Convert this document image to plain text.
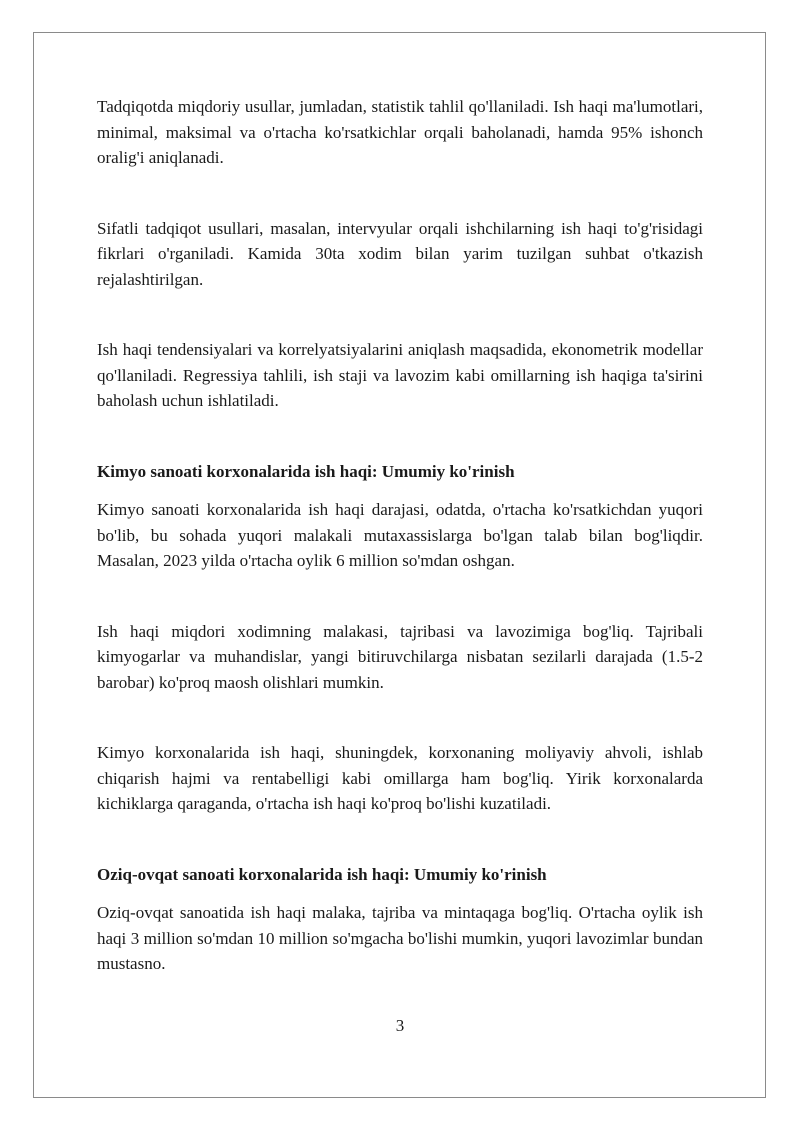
Tadqiqotda miqdoriy usullar, jumladan, statistik tahlil qo'llaniladi. Ish haqi ma'lumotlari, minimal, maksimal va o'rtacha ko'rsatkichlar orqali baholanadi, hamda 95% ishonch oralig'i aniqlanadi.

Sifatli tadqiqot usullari, masalan, intervyular orqali ishchilarning ish haqi to'g'risidagi fikrlari o'rganiladi. Kamida 30ta xodim bilan yarim tuzilgan suhbat o'tkazish rejalashtirilgan.

Ish haqi tendensiyalari va korrelyatsiyalarini aniqlash maqsadida, ekonometrik modellar qo'llaniladi. Regressiya tahlili, ish staji va lavozim kabi omillarning ish haqiga ta'sirini baholash uchun ishlatiladi.

Kimyo sanoati korxonalarida ish haqi: Umumiy ko'rinish

Kimyo sanoati korxonalarida ish haqi darajasi, odatda, o'rtacha ko'rsatkichdan yuqori bo'lib, bu sohada yuqori malakali mutaxassislarga bo'lgan talab bilan bog'liqdir. Masalan, 2023 yilda o'rtacha oylik 6 million so'mdan oshgan.

Ish haqi miqdori xodimning malakasi, tajribasi va lavozimiga bog'liq. Tajribali kimyogarlar va muhandislar, yangi bitiruvchilarga nisbatan sezilarli darajada (1.5-2 barobar) ko'proq maosh olishlari mumkin.

Kimyo korxonalarida ish haqi, shuningdek, korxonaning moliyaviy ahvoli, ishlab chiqarish hajmi va rentabelligi kabi omillarga ham bog'liq. Yirik korxonalarda kichiklarga qaraganda, o'rtacha ish haqi ko'proq bo'lishi kuzatiladi.

Oziq-ovqat sanoati korxonalarida ish haqi: Umumiy ko'rinish

Oziq-ovqat sanoatida ish haqi malaka, tajriba va mintaqaga bog'liq. O'rtacha oylik ish haqi 3 million so'mdan 10 million so'mgacha bo'lishi mumkin, yuqori lavozimlar bundan mustasno.

3
